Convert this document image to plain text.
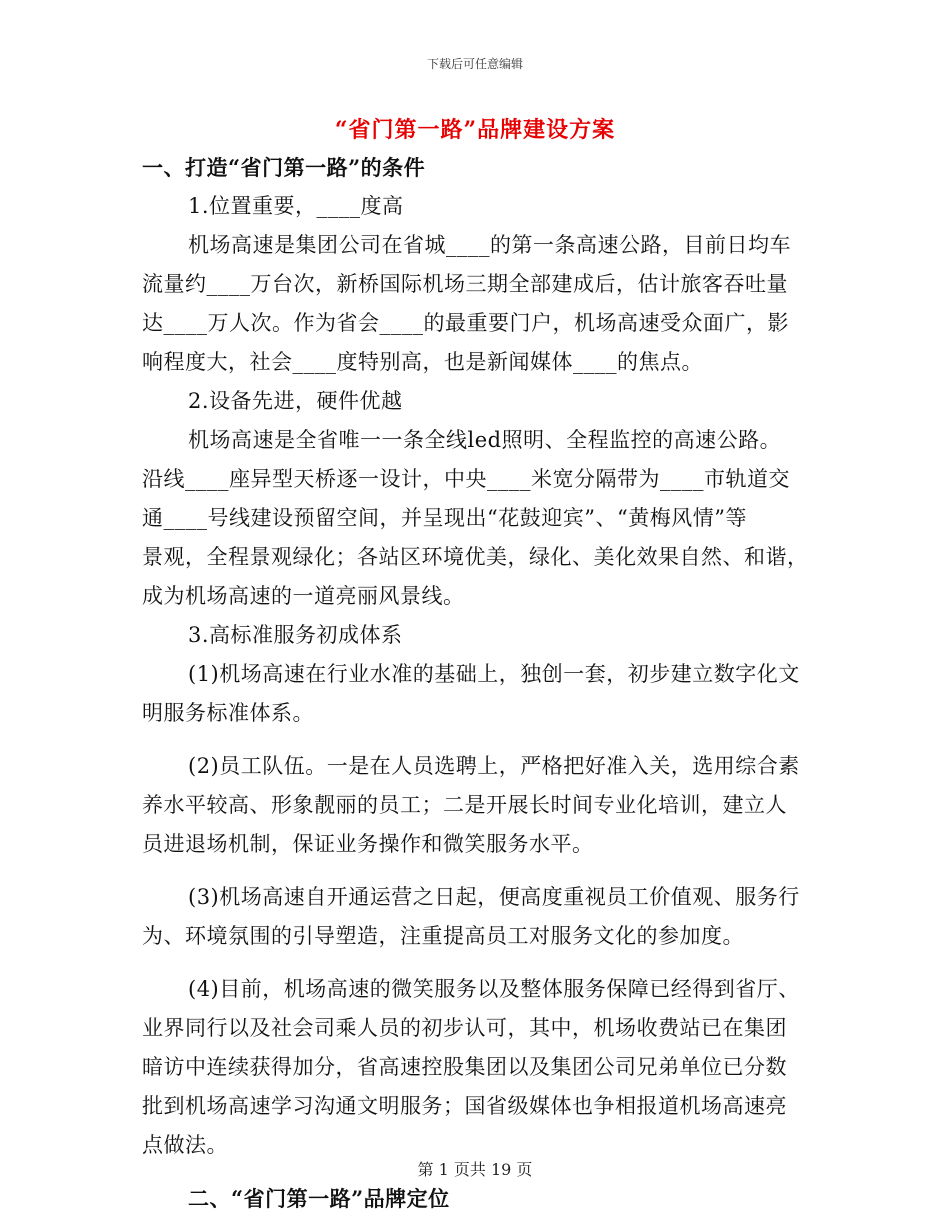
下载后可任意编辑
“省门第一路”品牌建设方案
一、打造“省门第一路”的条件
1.位置重要，____度高
机场高速是集团公司在省城____的第一条高速公路，目前日均车
流量约____万台次，新桥国际机场三期全部建成后，估计旅客吞吐量
达____万人次。作为省会____的最重要门户，机场高速受众面广，影
响程度大，社会____度特别高，也是新闻媒体____的焦点。
2.设备先进，硬件优越
机场高速是全省唯一一条全线led照明、全程监控的高速公路。
沿线____座异型天桥逐一设计，中央____米宽分隔带为____市轨道交
通____号线建设预留空间，并呈现出“花鼓迎宾”、“黄梅风情”等
景观，全程景观绿化；各站区环境优美，绿化、美化效果自然、和谐，
成为机场高速的一道亮丽风景线。
3.高标准服务初成体系
(1)机场高速在行业水准的基础上，独创一套，初步建立数字化文
明服务标准体系。
(2)员工队伍。一是在人员选聘上，严格把好准入关，选用综合素
养水平较高、形象靓丽的员工；二是开展长时间专业化培训，建立人
员进退场机制，保证业务操作和微笑服务水平。
(3)机场高速自开通运营之日起，便高度重视员工价值观、服务行
为、环境氛围的引导塑造，注重提高员工对服务文化的参加度。
(4)目前，机场高速的微笑服务以及整体服务保障已经得到省厅、
业界同行以及社会司乘人员的初步认可，其中，机场收费站已在集团
暗访中连续获得加分，省高速控股集团以及集团公司兄弟单位已分数
批到机场高速学习沟通文明服务；国省级媒体也争相报道机场高速亮
点做法。
二、“省门第一路”品牌定位
第 1 页共 19 页
